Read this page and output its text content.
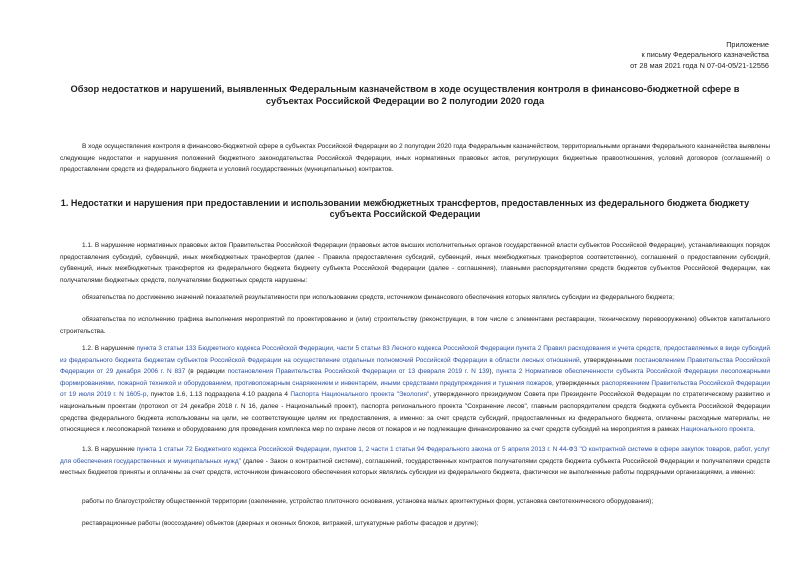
Приложение
к письму Федерального казначейства
от 28 мая 2021 года N 07-04-05/21-12556
Обзор недостатков и нарушений, выявленных Федеральным казначейством в ходе осуществления контроля в финансово-бюджетной сфере в субъектах Российской Федерации во 2 полугодии 2020 года

В ходе осуществления контроля в финансово-бюджетной сфере в субъектах Российской Федерации во 2 полугодии 2020 года Федеральным казначейством, территориальными органами Федерального казначейства выявлены следующие недостатки и нарушения положений бюджетного законодательства Российской Федерации, иных нормативных правовых актов, регулирующих бюджетные правоотношения, условий договоров (соглашений) о предоставлении средств из федерального бюджета и условий государственных (муниципальных) контрактов.

1. Недостатки и нарушения при предоставлении и использовании межбюджетных трансфертов, предоставленных из федерального бюджета бюджету субъекта Российской Федерации

1.1. В нарушение нормативных правовых актов Правительства Российской Федерации (правовых актов высших исполнительных органов государственной власти субъектов Российской Федерации), устанавливающих порядок предоставления субсидий, субвенций, иных межбюджетных трансфертов (далее - Правила предоставления субсидий, субвенций, иных межбюджетных трансфертов соответственно), соглашений о предоставлении субсидий, субвенций, иных межбюджетных трансфертов из федерального бюджета бюджету субъекта Российской Федерации (далее - соглашения), главными распорядителями средств бюджетов субъектов Российской Федерации, как получателями бюджетных средств, получателями бюджетных средств нарушены:

обязательства по достижению значений показателей результативности при использовании средств, источником финансового обеспечения которых являлись субсидии из федерального бюджета;

обязательства по исполнению графика выполнения мероприятий по проектированию и (или) строительству (реконструкции, в том числе с элементами реставрации, техническому перевооружению) объектов капитального строительства.

1.2. В нарушение пункта 3 статьи 133 Бюджетного кодекса Российской Федерации, части 5 статьи 83 Лесного кодекса Российской Федерации пункта 2 Правил расходования и учета средств, предоставляемых в виде субсидий из федерального бюджета бюджетам субъектов Российской Федерации на осуществление отдельных полномочий Российской Федерации в области лесных отношений, утвержденными постановлением Правительства Российской Федерации от 29 декабря 2006 г. N 837 (в редакции постановления Правительства Российской Федерации от 13 февраля 2019 г. N 139), пункта 2 Нормативов обеспеченности субъекта Российской Федерации лесопожарными формированиями, пожарной техникой и оборудованием, противопожарным снаряжением и инвентарем, иными средствами предупреждения и тушения пожаров, утвержденных распоряжением Правительства Российской Федерации от 19 июля 2019 г. N 1605-р, пунктов 1.6, 1.13 подраздела 4.10 раздела 4 Паспорта Национального проекта "Экология", утвержденного президиумом Совета при Президенте Российской Федерации по стратегическому развитию и национальным проектам (протокол от 24 декабря 2018 г. N 16, далее - Национальный проект), паспорта регионального проекта "Сохранение лесов", главным распорядителем средств бюджета субъекта Российской Федерации средства федерального бюджета использованы на цели, не соответствующие целям их предоставления, а именно: за счет средств субсидий, предоставленных из федерального бюджета, оплачены расходные материалы, не относящиеся к лесопожарной технике и оборудованию для проведения комплекса мер по охране лесов от пожаров и не подлежащие финансированию за счет средств субсидий на мероприятия в рамках Национального проекта.

1.3. В нарушение пункта 1 статьи 72 Бюджетного кодекса Российской Федерации, пунктов 1, 2 части 1 статьи 94 Федерального закона от 5 апреля 2013 г. N 44-ФЗ "О контрактной системе в сфере закупок товаров, работ, услуг для обеспечения государственных и муниципальных нужд" (далее - Закон о контрактной системе), соглашений, государственных контрактов получателями средств бюджета субъекта Российской Федерации и получателями средств местных бюджетов приняты и оплачены за счет средств, источником финансового обеспечения которых являлись субсидии из федерального бюджета, фактически не выполненные работы подрядными организациями, а именно:

работы по благоустройству общественной территории (озеленение, устройство плиточного основания, установка малых архитектурных форм, установка светотехнического оборудования);

реставрационные работы (воссоздание) объектов (дверных и оконных блоков, витражей, штукатурные работы фасадов и другие);
